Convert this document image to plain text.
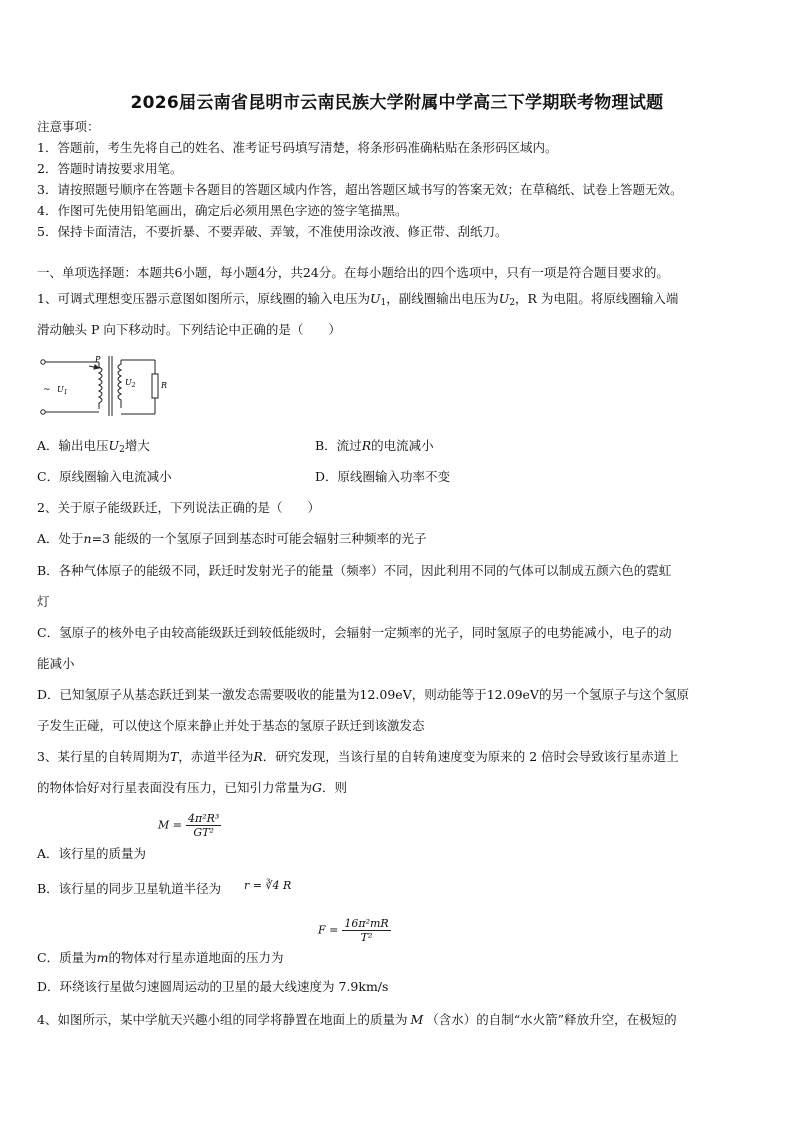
2026届云南省昆明市云南民族大学附属中学高三下学期联考物理试题
注意事项：
1．答题前，考生先将自己的姓名、准考证号码填写清楚，将条形码准确粘贴在条形码区域内。
2．答题时请按要求用笔。
3．请按照题号顺序在答题卡各题目的答题区域内作答，超出答题区域书写的答案无效；在草稿纸、试卷上答题无效。
4．作图可先使用铅笔画出，确定后必须用黑色字迹的签字笔描黑。
5．保持卡面清洁，不要折暴、不要弄破、弄皱，不准使用涂改液、修正带、刮纸刀。
一、单项选择题：本题共6小题，每小题4分，共24分。在每小题给出的四个选项中，只有一项是符合题目要求的。
1、可调式理想变压器示意图如图所示，原线圈的输入电压为$U_1$，副线圈输出电压为$U_2$，R 为电阻。将原线圈输入端
滑动触头 P 向下移动时。下列结论中正确的是（　　）
P
~ $U_1$
$U_2$	R
A．输出电压$U_2$增大	B．流过R的电流减小
C．原线圈输入电流减小	D．原线圈输入功率不变
2、关于原子能级跃迁，下列说法正确的是（　　）
A．处于n=3 能级的一个氢原子回到基态时可能会辐射三种频率的光子
B．各种气体原子的能级不同，跃迁时发射光子的能量（频率）不同，因此利用不同的气体可以制成五颜六色的霓虹
灯
C．氢原子的核外电子由较高能级跃迁到较低能级时，会辐射一定频率的光子，同时氢原子的电势能减小，电子的动
能减小
D．已知氢原子从基态跃迁到某一激发态需要吸收的能量为12.09eV，则动能等于12.09eV的另一个氢原子与这个氢原
子发生正碰，可以使这个原来静止并处于基态的氢原子跃迁到该激发态
3、某行星的自转周期为T，赤道半径为R．研究发现，当该行星的自转角速度变为原来的 2 倍时会导致该行星赤道上
的物体恰好对行星表面没有压力，已知引力常量为G．则
A．该行星的质量为
$M = \frac{\text{4π²R³}}{\text{GT²}}$
B．该行星的同步卫星轨道半径为 r = ∛4 R
C．质量为m的物体对行星赤道地面的压力为
$F = \frac{\text{16π²mR}}{\text{T²}}$
D．环绕该行星做匀速圆周运动的卫星的最大线速度为 7.9km/s
4、如图所示，某中学航天兴趣小组的同学将静置在地面上的质量为 M （含水）的自制“水火箭”释放升空，在极短的
